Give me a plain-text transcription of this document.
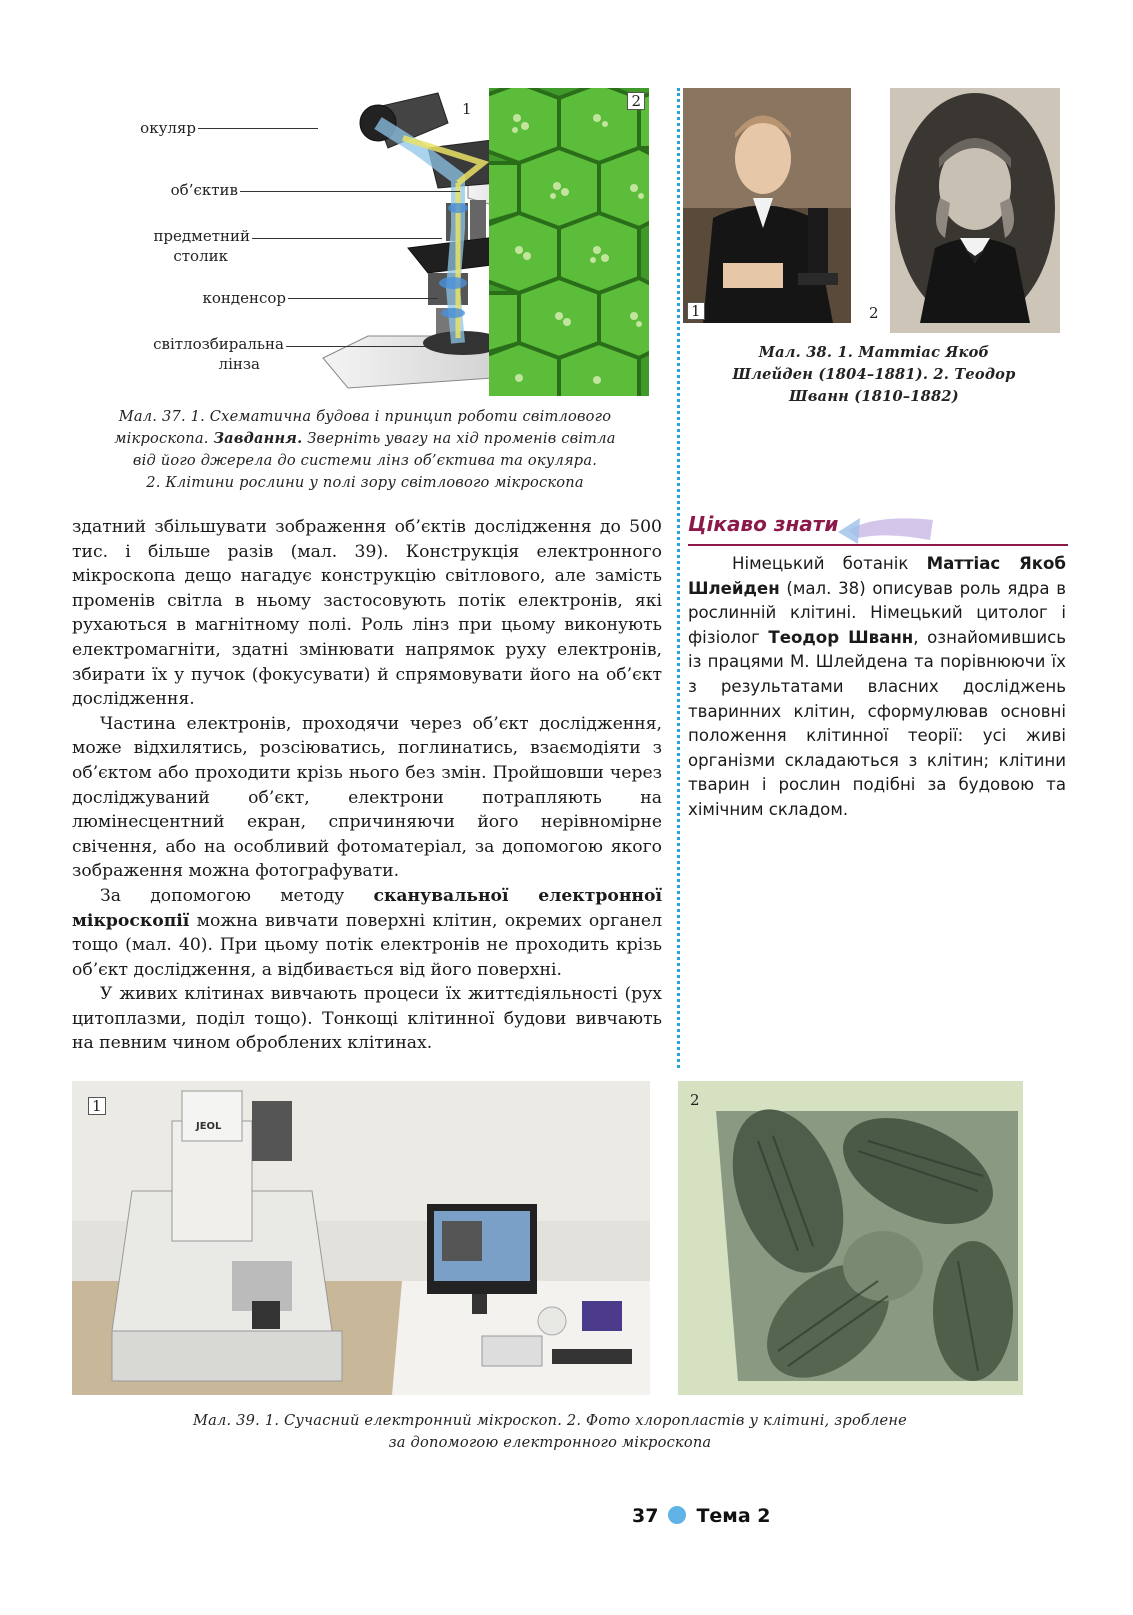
окуляр
об’єктив
предметний
столик
конденсор
світлозбиральна
лінза
1	2
Мал. 37. 1. Схематична будова і принцип роботи світлового
мікроскопа. Завдання. Зверніть увагу на хід променів світла
від його джерела до системи лінз об’єктива та окуляра.
2. Клітини рослини у полі зору світлового мікроскопа
1	2
Мал. 38. 1. Маттіас Якоб
Шлейден (1804–1881). 2. Теодор
Шванн (1810–1882)

здатний збільшувати зображення об’єктів дослідження до 500 тис. і більше разів (мал. 39). Конструкція електронного мікроскопа дещо нагадує конструкцію світлового, але замість променів світла в ньому застосовують потік електронів, які рухаються в магнітному полі. Роль лінз при цьому виконують електромагніти, здатні змінювати напрямок руху електронів, збирати їх у пучок (фокусувати) й спрямовувати його на об’єкт дослідження.

Частина електронів, проходячи через об’єкт дослідження, може відхилятись, розсіюватись, поглинатись, взаємодіяти з об’єктом або проходити крізь нього без змін. Пройшовши через досліджуваний об’єкт, електрони потрапляють на люмінесцентний екран, спричиняючи його нерівномірне свічення, або на особливий фотоматеріал, за допомогою якого зображення можна фотографувати.

За допомогою методу сканувальної електронної мікроскопії можна вивчати поверхні клітин, окремих органел тощо (мал. 40). При цьому потік електронів не проходить крізь об’єкт дослідження, а відбивається від його поверхні.

У живих клітинах вивчають процеси їх життєдіяльності (рух цитоплазми, поділ тощо). Тонкощі клітинної будови вивчають на певним чином оброблених клітинах.

Цікаво знати

Німецький ботанік Маттіас Якоб Шлейден (мал. 38) описував роль ядра в рослинній клітині. Німецький цитолог і фізіолог Теодор Шванн, ознайомившись із працями М. Шлейдена та порівнюючи їх з результатами власних досліджень тваринних клітин, сформулював основні положення клітинної теорії: усі живі організми складаються з клітин; клітини тварин і рослин подібні за будовою та хімічним складом.

JEOL
1	2
Мал. 39. 1. Сучасний електронний мікроскоп. 2. Фото хлоропластів у клітині, зроблене
за допомогою електронного мікроскопа
37 Тема 2
